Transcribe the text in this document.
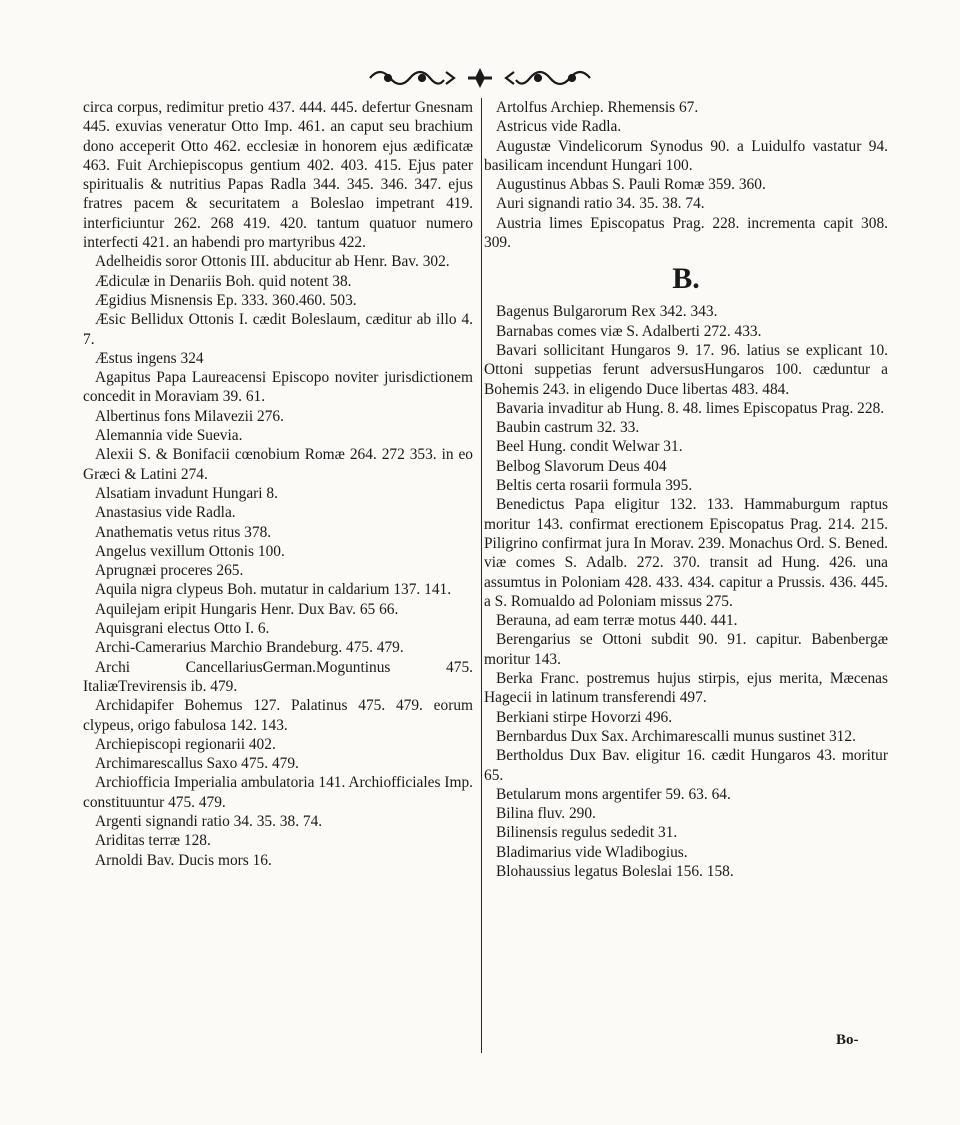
circa corpus, redimitur pretio 437. 444. 445. defertur Gnesnam 445. exuvias veneratur Otto Imp. 461. an caput seu brachium dono acceperit Otto 462. ecclesiæ in honorem ejus ædificatæ 463. Fuit Archiepiscopus gentium 402. 403. 415. Ejus pater spiritualis & nutritius Papas Radla 344. 345. 346. 347. ejus fratres pacem & securitatem a Boleslao impetrant 419. interficiuntur 262. 268 419. 420. tantum quatuor numero interfecti 421. an habendi pro martyribus 422.

Adelheidis soror Ottonis III. abducitur ab Henr. Bav. 302.

Ædiculæ in Denariis Boh. quid notent 38.

Ægidius Misnensis Ep. 333. 360.460. 503.

Æsic Bellidux Ottonis I. cædit Boleslaum, cæditur ab illo 4. 7.

Æstus ingens 324

Agapitus Papa Laureacensi Episcopo noviter jurisdictionem concedit in Moraviam 39. 61.

Albertinus fons Milavezii 276.

Alemannia vide Suevia.

Alexii S. & Bonifacii cœnobium Romæ 264. 272 353. in eo Græci & Latini 274.

Alsatiam invadunt Hungari 8.

Anastasius vide Radla.

Anathematis vetus ritus 378.

Angelus vexillum Ottonis 100.

Aprugnæi proceres 265.

Aquila nigra clypeus Boh. mutatur in caldarium 137. 141.

Aquilejam eripit Hungaris Henr. Dux Bav. 65 66.

Aquisgrani electus Otto I. 6.

Archi-Camerarius Marchio Brandeburg. 475. 479.

Archi CancellariusGerman.Moguntinus 475. ItaliæTrevirensis ib. 479.

Archidapifer Bohemus 127. Palatinus 475. 479. eorum clypeus, origo fabulosa 142. 143.

Archiepiscopi regionarii 402.

Archimarescallus Saxo 475. 479.

Archiofficia Imperialia ambulatoria 141. Archiofficiales Imp. constituuntur 475. 479.

Argenti signandi ratio 34. 35. 38. 74.

Ariditas terræ 128.

Arnoldi Bav. Ducis mors 16.

Artolfus Archiep. Rhemensis 67.

Astricus vide Radla.

Augustæ Vindelicorum Synodus 90. a Luidulfo vastatur 94. basilicam incendunt Hungari 100.

Augustinus Abbas S. Pauli Romæ 359. 360.

Auri signandi ratio 34. 35. 38. 74.

Austria limes Episcopatus Prag. 228. incrementa capit 308. 309.

B.

Bagenus Bulgarorum Rex 342. 343.

Barnabas comes viæ S. Adalberti 272. 433.

Bavari sollicitant Hungaros 9. 17. 96. latius se explicant 10. Ottoni suppetias ferunt adversusHungaros 100. cæduntur a Bohemis 243. in eligendo Duce libertas 483. 484.

Bavaria invaditur ab Hung. 8. 48. limes Episcopatus Prag. 228.

Baubin castrum 32. 33.

Beel Hung. condit Welwar 31.

Belbog Slavorum Deus 404

Beltis certa rosarii formula 395.

Benedictus Papa eligitur 132. 133. Hammaburgum raptus moritur 143. confirmat erectionem Episcopatus Prag. 214. 215. Piligrino confirmat jura In Morav. 239. Monachus Ord. S. Bened. viæ comes S. Adalb. 272. 370. transit ad Hung. 426. una assumtus in Poloniam 428. 433. 434. capitur a Prussis. 436. 445. a S. Romualdo ad Poloniam missus 275.

Berauna, ad eam terræ motus 440. 441.

Berengarius se Ottoni subdit 90. 91. capitur. Babenbergæ moritur 143.

Berka Franc. postremus hujus stirpis, ejus merita, Mæcenas Hagecii in latinum transferendi 497.

Berkiani stirpe Hovorzi 496.

Bernbardus Dux Sax. Archimarescalli munus sustinet 312.

Bertholdus Dux Bav. eligitur 16. cædit Hungaros 43. moritur 65.

Betularum mons argentifer 59. 63. 64.

Bilina fluv. 290.

Bilinensis regulus sededit 31.

Bladimarius vide Wladibogius.

Blohaussius legatus Boleslai 156. 158.

Bo-
